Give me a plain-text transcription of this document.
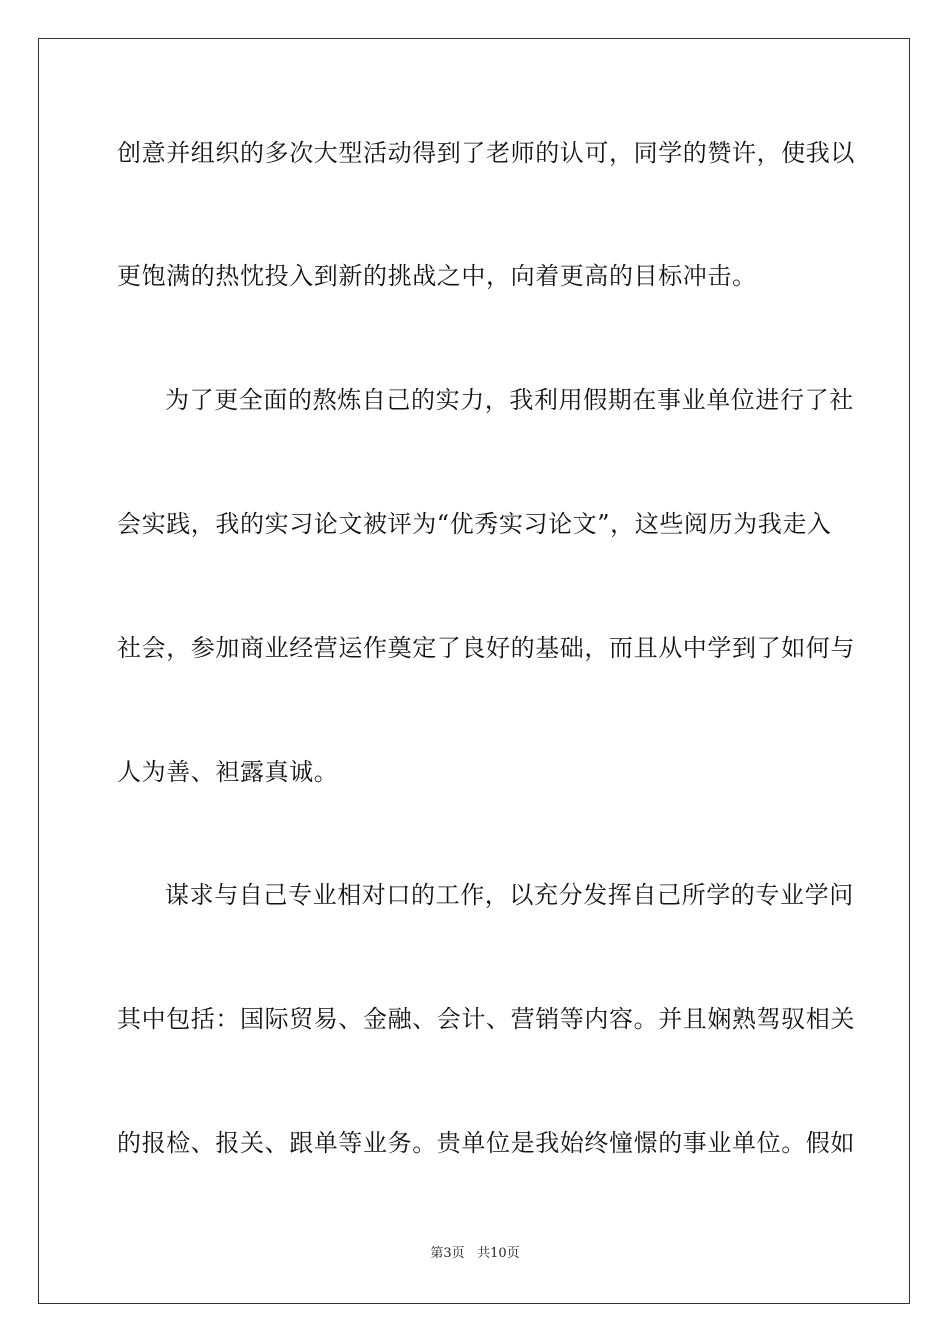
创意并组织的多次大型活动得到了老师的认可，同学的赞许，使我以
更饱满的热忱投入到新的挑战之中，向着更高的目标冲击。
为了更全面的熬炼自己的实力，我利用假期在事业单位进行了社
会实践，我的实习论文被评为“优秀实习论文”，这些阅历为我走入
社会，参加商业经营运作奠定了良好的基础，而且从中学到了如何与
人为善、袒露真诚。
谋求与自己专业相对口的工作，以充分发挥自己所学的专业学问
其中包括：国际贸易、金融、会计、营销等内容。并且娴熟驾驭相关
的报检、报关、跟单等业务。贵单位是我始终憧憬的事业单位。假如
第3页 共10页
